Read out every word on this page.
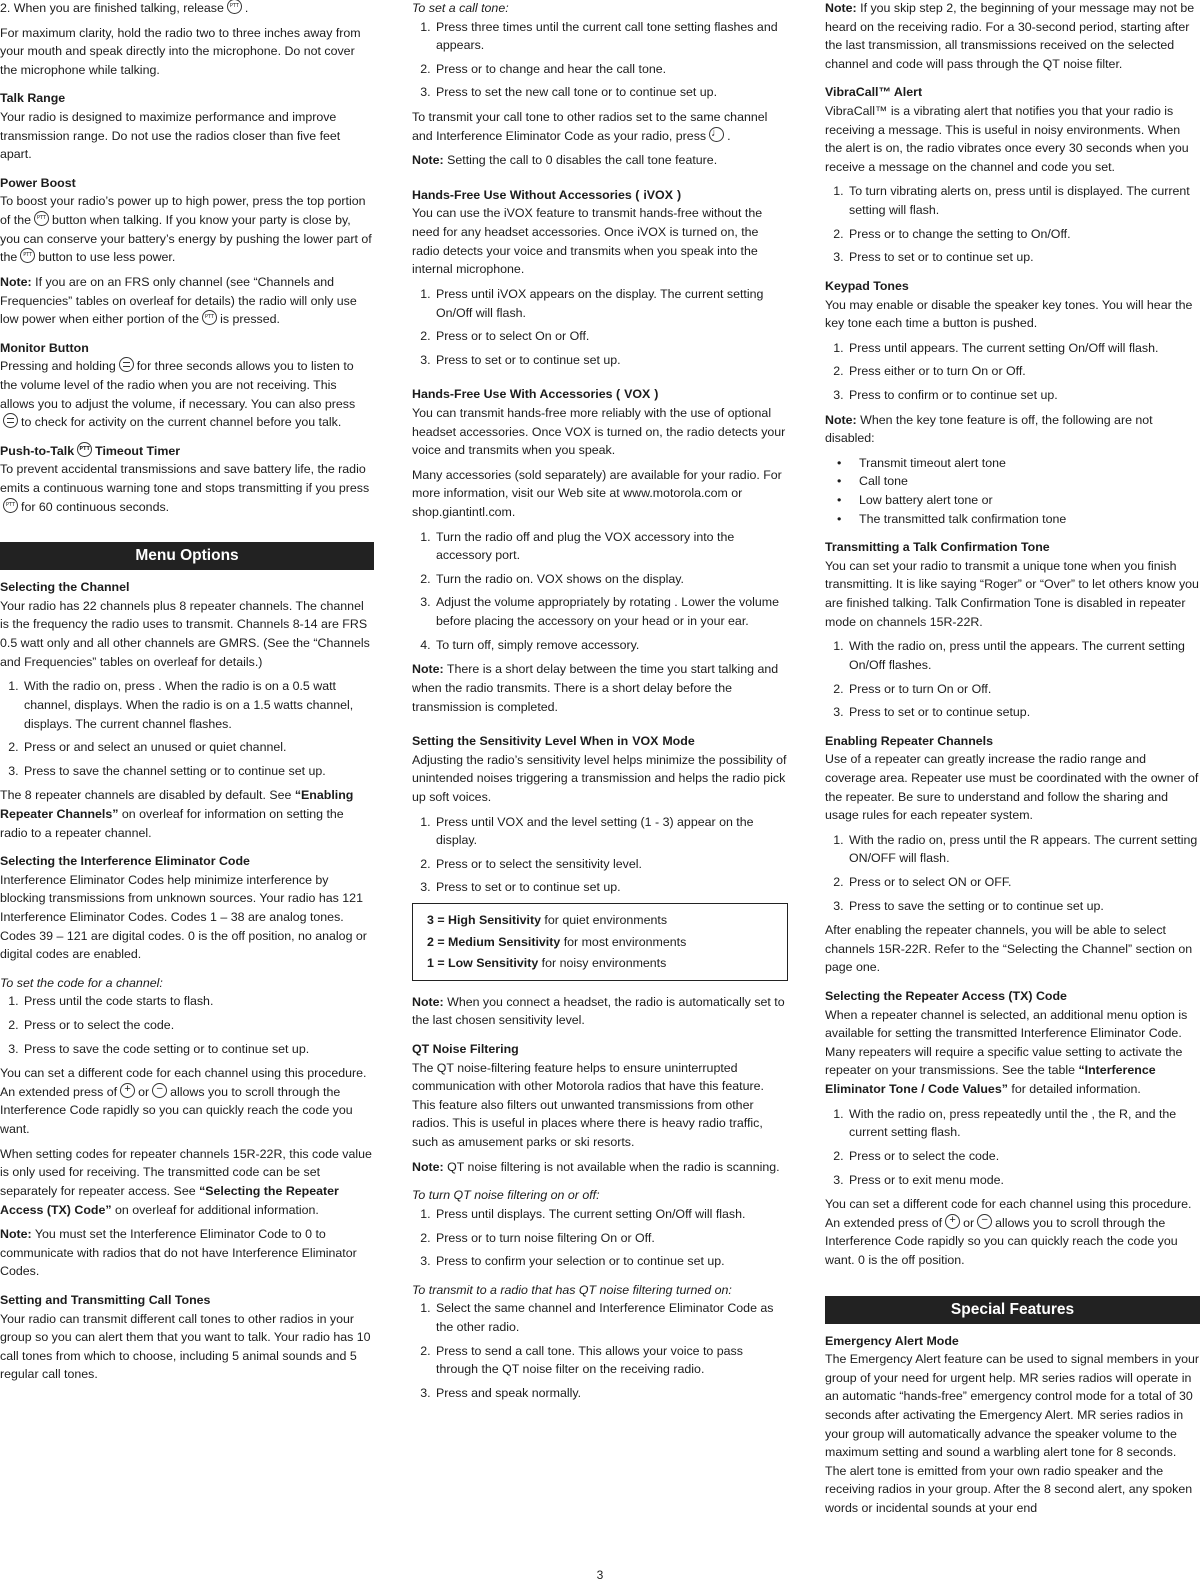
2. When you are finished talking, release PTT .

For maximum clarity, hold the radio two to three inches away from your mouth and speak directly into the microphone. Do not cover the microphone while talking.

Talk Range

Your radio is designed to maximize performance and improve transmission range. Do not use the radios closer than five feet apart.

Power Boost

To boost your radio’s power up to high power, press the top portion of the PTT button when talking. If you know your party is close by, you can conserve your battery’s energy by pushing the lower part of the PTT button to use less power.

Note: If you are on an FRS only channel (see “Channels and Frequencies” tables on overleaf for details) the radio will only use low power when either portion of the PTT is pressed.

Monitor Button

Pressing and holding for three seconds allows you to listen to the volume level of the radio when you are not receiving. This allows you to adjust the volume, if necessary. You can also pressto check for activity on the current channel before you talk.

Push-to-Talk PTT Timeout Timer

To prevent accidental transmissions and save battery life, the radio emits a continuous warning tone and stops transmitting if you pressPTTfor 60 continuous seconds.

Menu Options

Selecting the Channel

Your radio has 22 channels plus 8 repeater channels. The channel is the frequency the radio uses to transmit. Channels 8-14 are FRS 0.5 watt only and all other channels are GMRS. (See the “Channels and Frequencies” tables on overleaf for details.)

1. With the radio on, press . When the radio is on a 0.5 watt channel, displays. When the radio is on a 1.5 watts channel, displays. The current channel flashes.
2. Press or and select an unused or quiet channel.
3. Press to save the channel setting or to continue set up.

The 8 repeater channels are disabled by default. See “Enabling Repeater Channels” on overleaf for information on setting the radio to a repeater channel.

Selecting the Interference Eliminator Code

Interference Eliminator Codes help minimize interference by blocking transmissions from unknown sources. Your radio has 121 Interference Eliminator Codes. Codes 1 – 38 are analog tones. Codes 39 – 121 are digital codes. 0 is the off position, no analog or digital codes are enabled.

To set the code for a channel:

1. Press until the code starts to flash.
2. Press or to select the code.
3. Press to save the code setting or to continue set up.

You can set a different code for each channel using this procedure. An extended press of + or – allows you to scroll through the Interference Code rapidly so you can quickly reach the code you want.

When setting codes for repeater channels 15R-22R, this code value is only used for receiving. The transmitted code can be set separately for repeater access. See “Selecting the Repeater Access (TX) Code” on overleaf for additional information.

Note: You must set the Interference Eliminator Code to 0 to communicate with radios that do not have Interference Eliminator Codes.

Setting and Transmitting Call Tones

Your radio can transmit different call tones to other radios in your group so you can alert them that you want to talk. Your radio has 10 call tones from which to choose, including 5 animal sounds and 5 regular call tones.

To set a call tone:

1. Press three times until the current call tone setting flashes and appears.
2. Press or to change and hear the call tone.
3. Press to set the new call tone or to continue set up.

To transmit your call tone to other radios set to the same channel and Interference Eliminator Code as your radio, press ♩ .

Note: Setting the call to 0 disables the call tone feature.

Hands-Free Use Without Accessories ( iVOX )

You can use the iVOX feature to transmit hands-free without the need for any headset accessories. Once iVOX is turned on, the radio detects your voice and transmits when you speak into the internal microphone.

1. Press until iVOX appears on the display. The current setting On/Off will flash.
2. Press or to select On or Off.
3. Press to set or to continue set up.

Hands-Free Use With Accessories ( VOX )

You can transmit hands-free more reliably with the use of optional headset accessories. Once VOX is turned on, the radio detects your voice and transmits when you speak.

Many accessories (sold separately) are available for your radio. For more information, visit our Web site at www.motorola.com or shop.giantintl.com.

1. Turn the radio off and plug the VOX accessory into the accessory port.
2. Turn the radio on. VOX shows on the display.
3. Adjust the volume appropriately by rotating . Lower the volume before placing the accessory on your head or in your ear.
4. To turn off, simply remove accessory.

Note: There is a short delay between the time you start talking and when the radio transmits. There is a short delay before the transmission is completed.

Setting the Sensitivity Level When in VOX Mode

Adjusting the radio’s sensitivity level helps minimize the possibility of unintended noises triggering a transmission and helps the radio pick up soft voices.

1. Press until VOX and the level setting (1 - 3) appear on the display.
2. Press or to select the sensitivity level.
3. Press to set or to continue set up.
3 = High Sensitivity for quiet environments
2 = Medium Sensitivity for most environments
1 = Low Sensitivity for noisy environments

Note: When you connect a headset, the radio is automatically set to the last chosen sensitivity level.

QT Noise Filtering

The QT noise-filtering feature helps to ensure uninterrupted communication with other Motorola radios that have this feature. This feature also filters out unwanted transmissions from other radios. This is useful in places where there is heavy radio traffic, such as amusement parks or ski resorts.

Note: QT noise filtering is not available when the radio is scanning.

To turn QT noise filtering on or off:

1. Press until displays. The current setting On/Off will flash.
2. Press or to turn noise filtering On or Off.
3. Press to confirm your selection or to continue set up.

To transmit to a radio that has QT noise filtering turned on:

1. Select the same channel and Interference Eliminator Code as the other radio.
2. Press to send a call tone. This allows your voice to pass through the QT noise filter on the receiving radio.
3. Press and speak normally.

Note: If you skip step 2, the beginning of your message may not be heard on the receiving radio. For a 30-second period, starting after the last transmission, all transmissions received on the selected channel and code will pass through the QT noise filter.

VibraCall™ Alert

VibraCall™ is a vibrating alert that notifies you that your radio is receiving a message. This is useful in noisy environments. When the alert is on, the radio vibrates once every 30 seconds when you receive a message on the channel and code you set.

1. To turn vibrating alerts on, press until is displayed. The current setting will flash.
2. Press or to change the setting to On/Off.
3. Press to set or to continue set up.

Keypad Tones

You may enable or disable the speaker key tones. You will hear the key tone each time a button is pushed.

1. Press until appears. The current setting On/Off will flash.
2. Press either or to turn On or Off.
3. Press to confirm or to continue set up.

Note: When the key tone feature is off, the following are not disabled:

• Transmit timeout alert tone
• Call tone
• Low battery alert tone or
• The transmitted talk confirmation tone

Transmitting a Talk Confirmation Tone

You can set your radio to transmit a unique tone when you finish transmitting. It is like saying “Roger” or “Over” to let others know you are finished talking. Talk Confirmation Tone is disabled in repeater mode on channels 15R-22R.

1. With the radio on, press until the appears. The current setting On/Off flashes.
2. Press or to turn On or Off.
3. Press to set or to continue setup.

Enabling Repeater Channels

Use of a repeater can greatly increase the radio range and coverage area. Repeater use must be coordinated with the owner of the repeater. Be sure to understand and follow the sharing and usage rules for each repeater system.

1. With the radio on, press until the R appears. The current setting ON/OFF will flash.
2. Press or to select ON or OFF.
3. Press to save the setting or to continue set up.

After enabling the repeater channels, you will be able to select channels 15R-22R. Refer to the “Selecting the Channel” section on page one.

Selecting the Repeater Access (TX) Code

When a repeater channel is selected, an additional menu option is available for setting the transmitted Interference Eliminator Code. Many repeaters will require a specific value setting to activate the repeater on your transmissions. See the table “Interference Eliminator Tone / Code Values” for detailed information.

1. With the radio on, press repeatedly until the , the R, and the current setting flash.
2. Press or to select the code.
3. Press or to exit menu mode.

You can set a different code for each channel using this procedure.

An extended press of + or – allows you to scroll through the Interference Code rapidly so you can quickly reach the code you want. 0 is the off position.

Special Features

Emergency Alert Mode

The Emergency Alert feature can be used to signal members in your group of your need for urgent help. MR series radios will operate in an automatic “hands-free” emergency control mode for a total of 30 seconds after activating the Emergency Alert. MR series radios in your group will automatically advance the speaker volume to the maximum setting and sound a warbling alert tone for 8 seconds. The alert tone is emitted from your own radio speaker and the receiving radios in your group. After the 8 second alert, any spoken words or incidental sounds at your end

3
